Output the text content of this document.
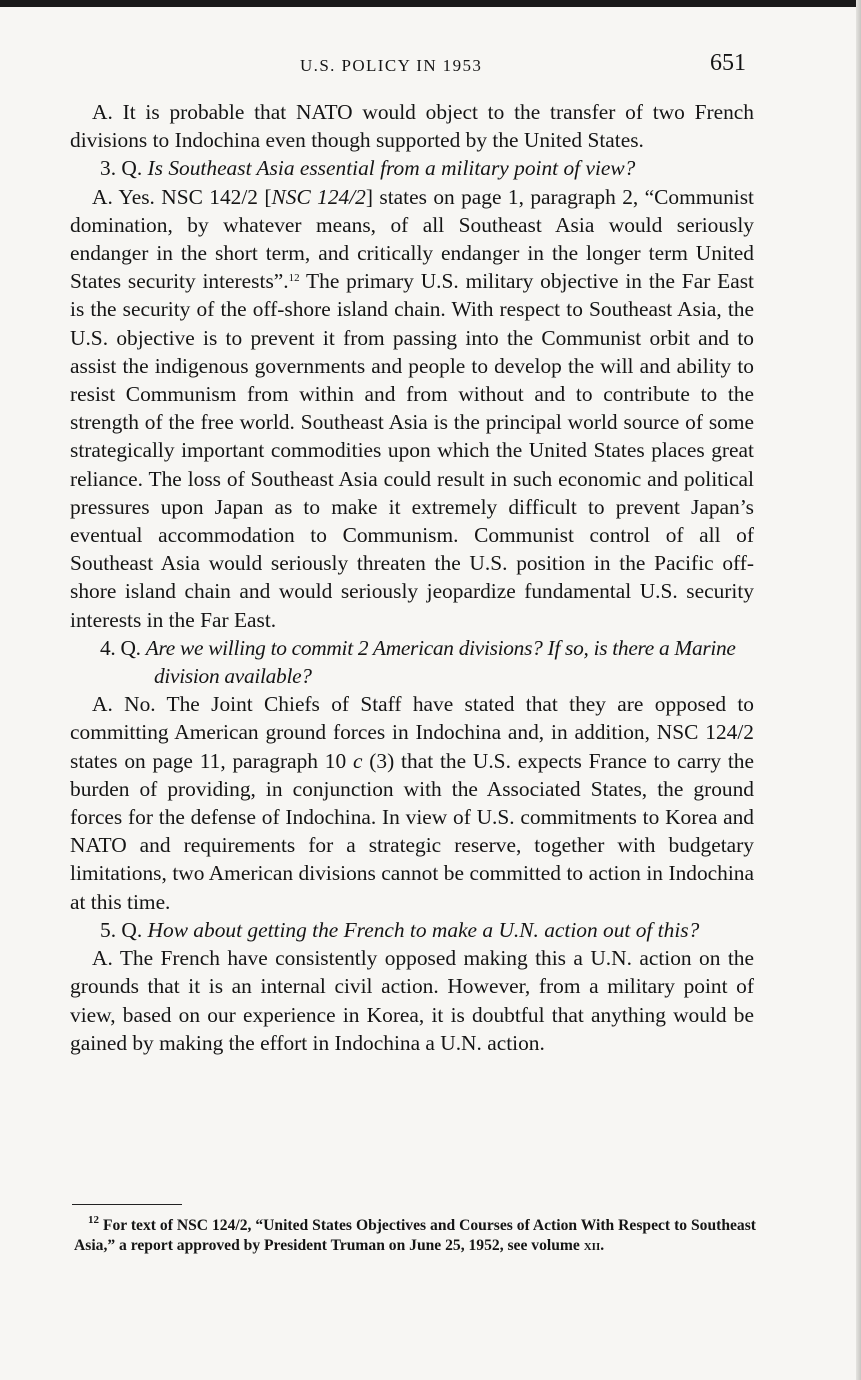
U.S. POLICY IN 1953	651

A. It is probable that NATO would object to the transfer of two French divisions to Indochina even though supported by the United States.

3. Q. Is Southeast Asia essential from a military point of view?

A. Yes. NSC 142/2 [NSC 124/2] states on page 1, paragraph 2, “Communist domination, by whatever means, of all Southeast Asia would seriously endanger in the short term, and critically endanger in the longer term United States security interests”.$^{12}$ The primary U.S. military objective in the Far East is the security of the off-shore island chain. With respect to Southeast Asia, the U.S. objective is to prevent it from passing into the Communist orbit and to assist the indigenous governments and people to develop the will and ability to resist Communism from within and from without and to contribute to the strength of the free world. Southeast Asia is the principal world source of some strategically important commodities upon which the United States places great reliance. The loss of Southeast Asia could result in such economic and political pressures upon Japan as to make it extremely difficult to prevent Japan’s eventual accommodation to Communism. Communist control of all of Southeast Asia would seriously threaten the U.S. position in the Pacific off-shore island chain and would seriously jeopardize fundamental U.S. security interests in the Far East.

4. Q. Are we willing to commit 2 American divisions? If so, is there a Marine division available?

A. No. The Joint Chiefs of Staff have stated that they are opposed to committing American ground forces in Indochina and, in addition, NSC 124/2 states on page 11, paragraph 10 c (3) that the U.S. expects France to carry the burden of providing, in conjunction with the Associated States, the ground forces for the defense of Indochina. In view of U.S. commitments to Korea and NATO and requirements for a strategic reserve, together with budgetary limitations, two American divisions cannot be committed to action in Indochina at this time.

5. Q. How about getting the French to make a U.N. action out of this?

A. The French have consistently opposed making this a U.N. action on the grounds that it is an internal civil action. However, from a military point of view, based on our experience in Korea, it is doubtful that anything would be gained by making the effort in Indochina a U.N. action.

$^{12}$ For text of NSC 124/2, “United States Objectives and Courses of Action With Respect to Southeast Asia,” a report approved by President Truman on June 25, 1952, see volume xii.
